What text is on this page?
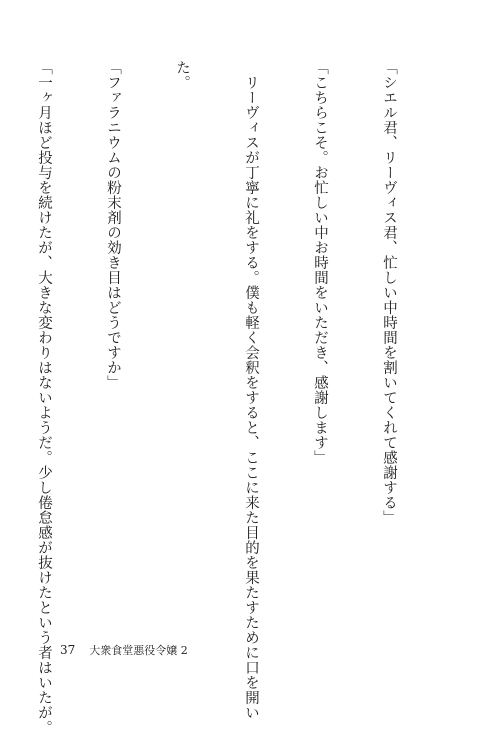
「シエル君、リーヴィス君、忙しい中時間を割いてくれて感謝する」

「こちらこそ。お忙しい中お時間をいただき、感謝します」

　リーヴィスが丁寧に礼をする。僕も軽く会釈をすると、ここに来た目的を果たすために口を開い

た。

「ファラニウムの粉末剤の効き目はどうですか」

「一ヶ月ほど投与を続けたが、大きな変わりはないようだ。少し倦怠感が抜けたという者はいたが。

37 大衆食堂悪役令嬢 2
